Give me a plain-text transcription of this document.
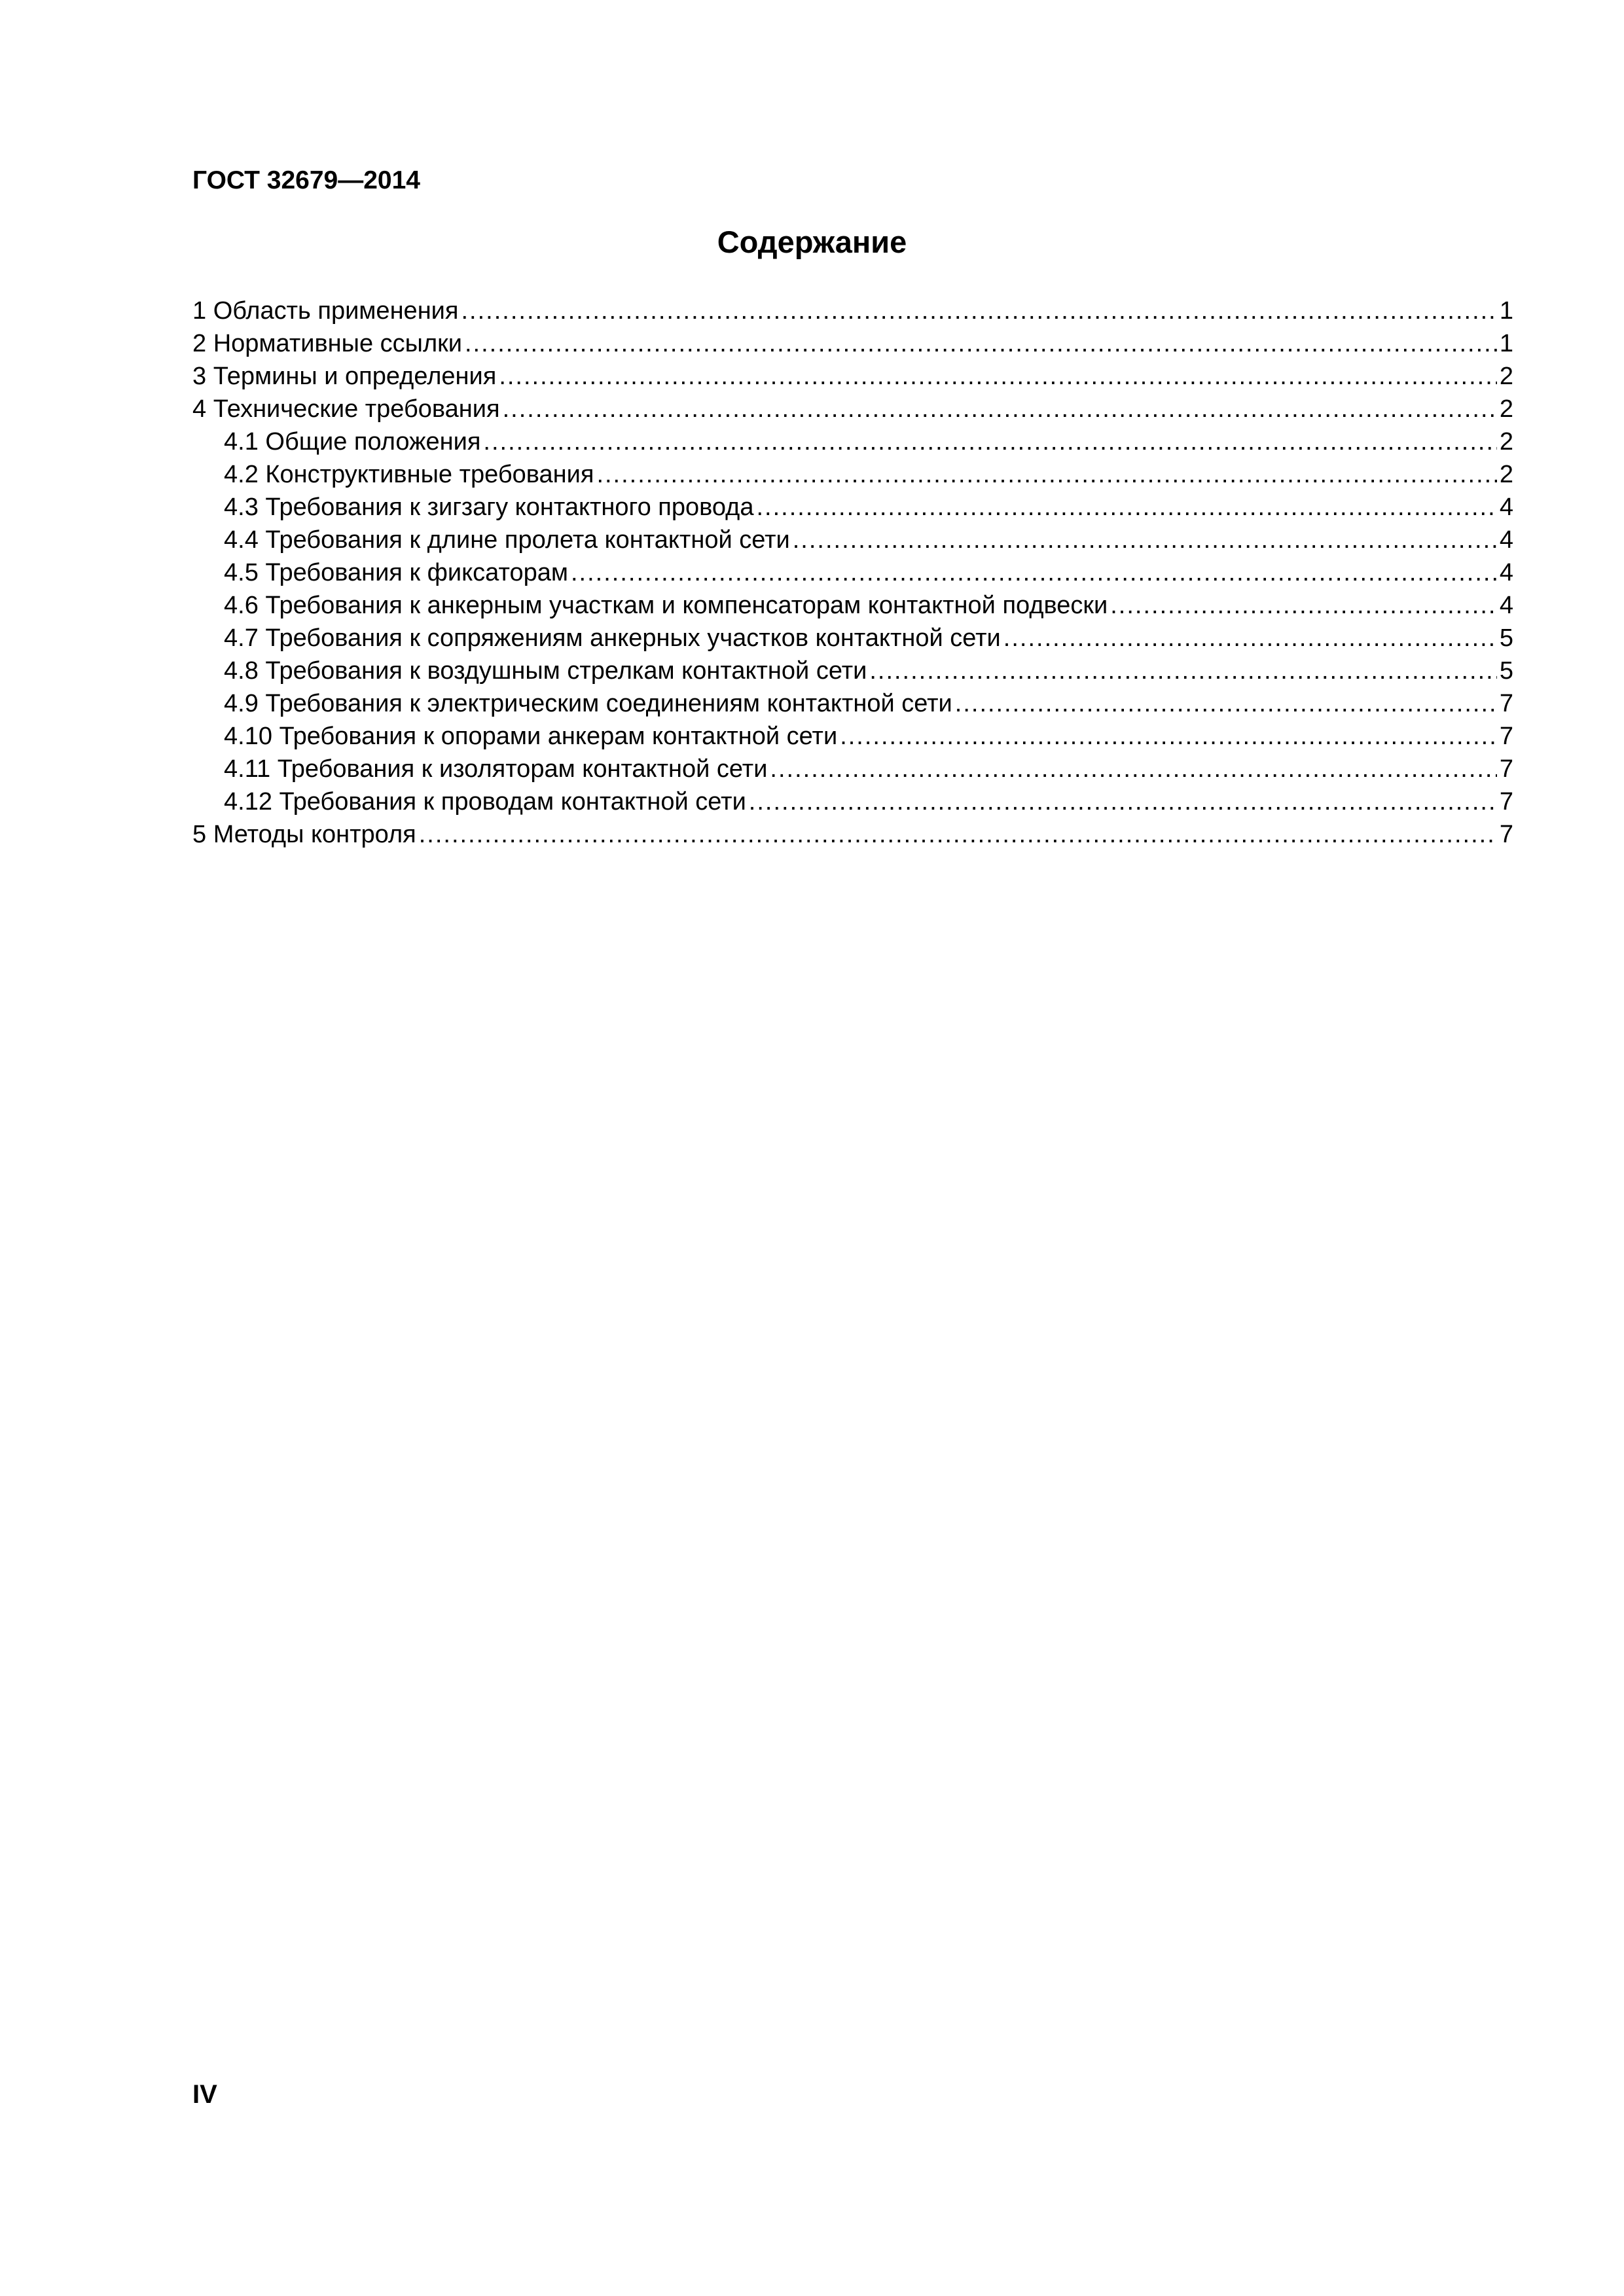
ГОСТ 32679—2014
Содержание
1 Область применения .....	1
2 Нормативные ссылки .....	1
3 Термины и определения .....	2
4 Технические требования .....	2
4.1 Общие положения .....	2
4.2 Конструктивные требования .....	2
4.3 Требования к зигзагу контактного провода .....	4
4.4 Требования к длине пролета контактной сети .....	4
4.5 Требования к фиксаторам .....	4
4.6 Требования к анкерным участкам и компенсаторам контактной подвески .....	4
4.7 Требования к сопряжениям анкерных участков контактной сети .....	5
4.8 Требования к воздушным стрелкам контактной сети .....	5
4.9 Требования к электрическим соединениям контактной сети .....	7
4.10 Требования к опорами анкерам контактной сети .....	7
4.11 Требования к изоляторам контактной сети .....	7
4.12 Требования к проводам контактной сети .....	7
5 Методы контроля .....	7
IV
